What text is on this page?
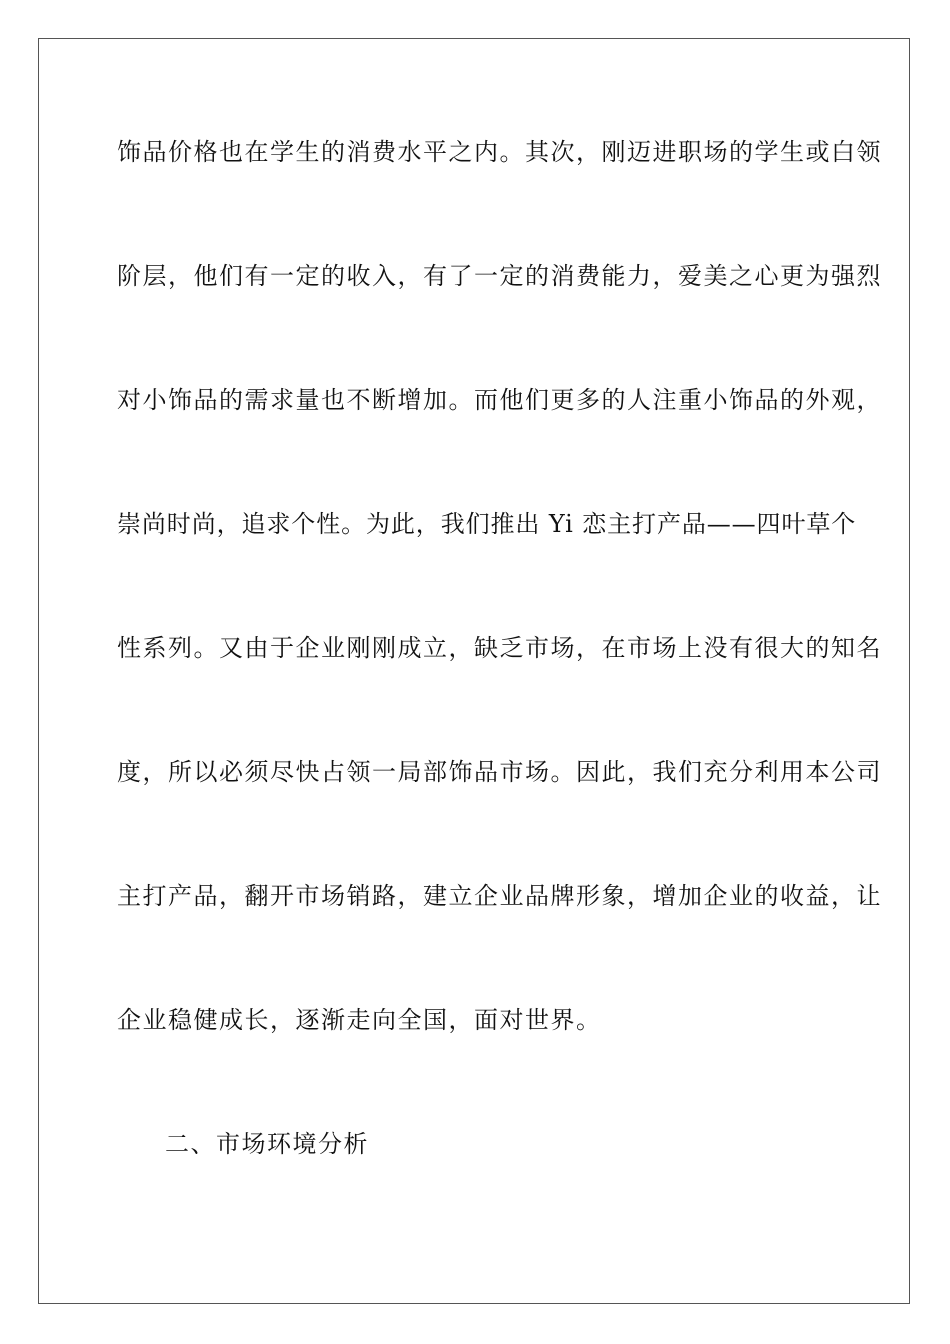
饰品价格也在学生的消费水平之内。其次，刚迈进职场的学生或白领
阶层，他们有一定的收入，有了一定的消费能力，爱美之心更为强烈
对小饰品的需求量也不断增加。而他们更多的人注重小饰品的外观，
崇尚时尚，追求个性。为此，我们推出 Yi 恋主打产品——四叶草个
性系列。又由于企业刚刚成立，缺乏市场，在市场上没有很大的知名
度，所以必须尽快占领一局部饰品市场。因此，我们充分利用本公司
主打产品，翻开市场销路，建立企业品牌形象，增加企业的收益，让
企业稳健成长，逐渐走向全国，面对世界。
二、市场环境分析
